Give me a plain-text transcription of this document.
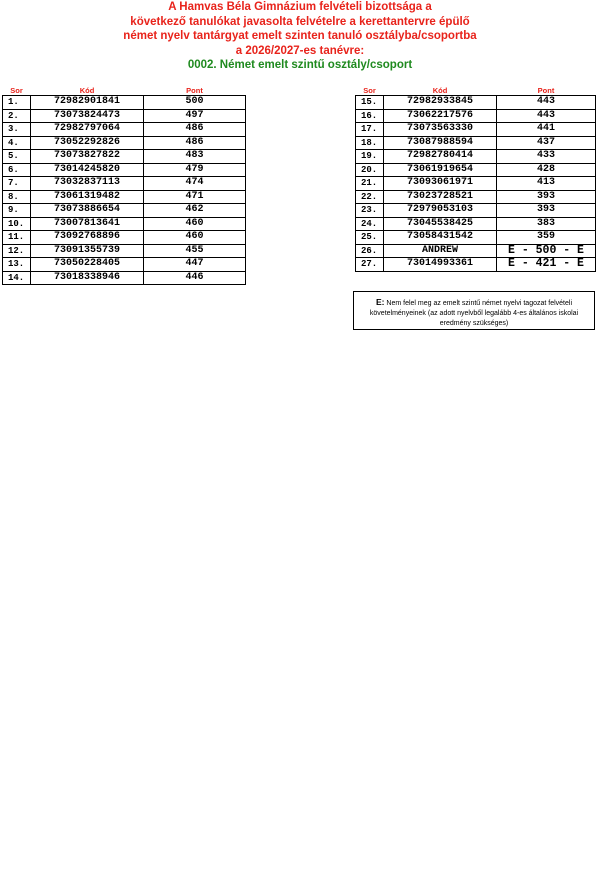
A Hamvas Béla Gimnázium felvételi bizottsága a
következő tanulókat javasolta felvételre a kerettantervre épülő
német nyelv tantárgyat emelt szinten tanuló osztályba/csoportba
a 2026/2027-es tanévre:
0002. Német emelt szintű osztály/csoport
Sor	Kód	Pont
1.	72982901841	500
2.	73073824473	497
3.	72982797064	486
4.	73052292826	486
5.	73073827822	483
6.	73014245820	479
7.	73032837113	474
8.	73061319482	471
9.	73073886654	462
10.	73007813641	460
11.	73092768896	460
12.	73091355739	455
13.	73050228405	447
14.	73018338946	446
Sor	Kód	Pont
15.	72982933845	443
16.	73062217576	443
17.	73073563330	441
18.	73087988594	437
19.	72982780414	433
20.	73061919654	428
21.	73093061971	413
22.	73023728521	393
23.	72979053103	393
24.	73045538425	383
25.	73058431542	359
26.	ANDREW	E - 500 - E
27.	73014993361	E - 421 - E
E: Nem felel meg az emelt szintű német nyelvi tagozat felvételi követelményeinek (az adott nyelvből legalább 4-es általános iskolai eredmény szükséges)
